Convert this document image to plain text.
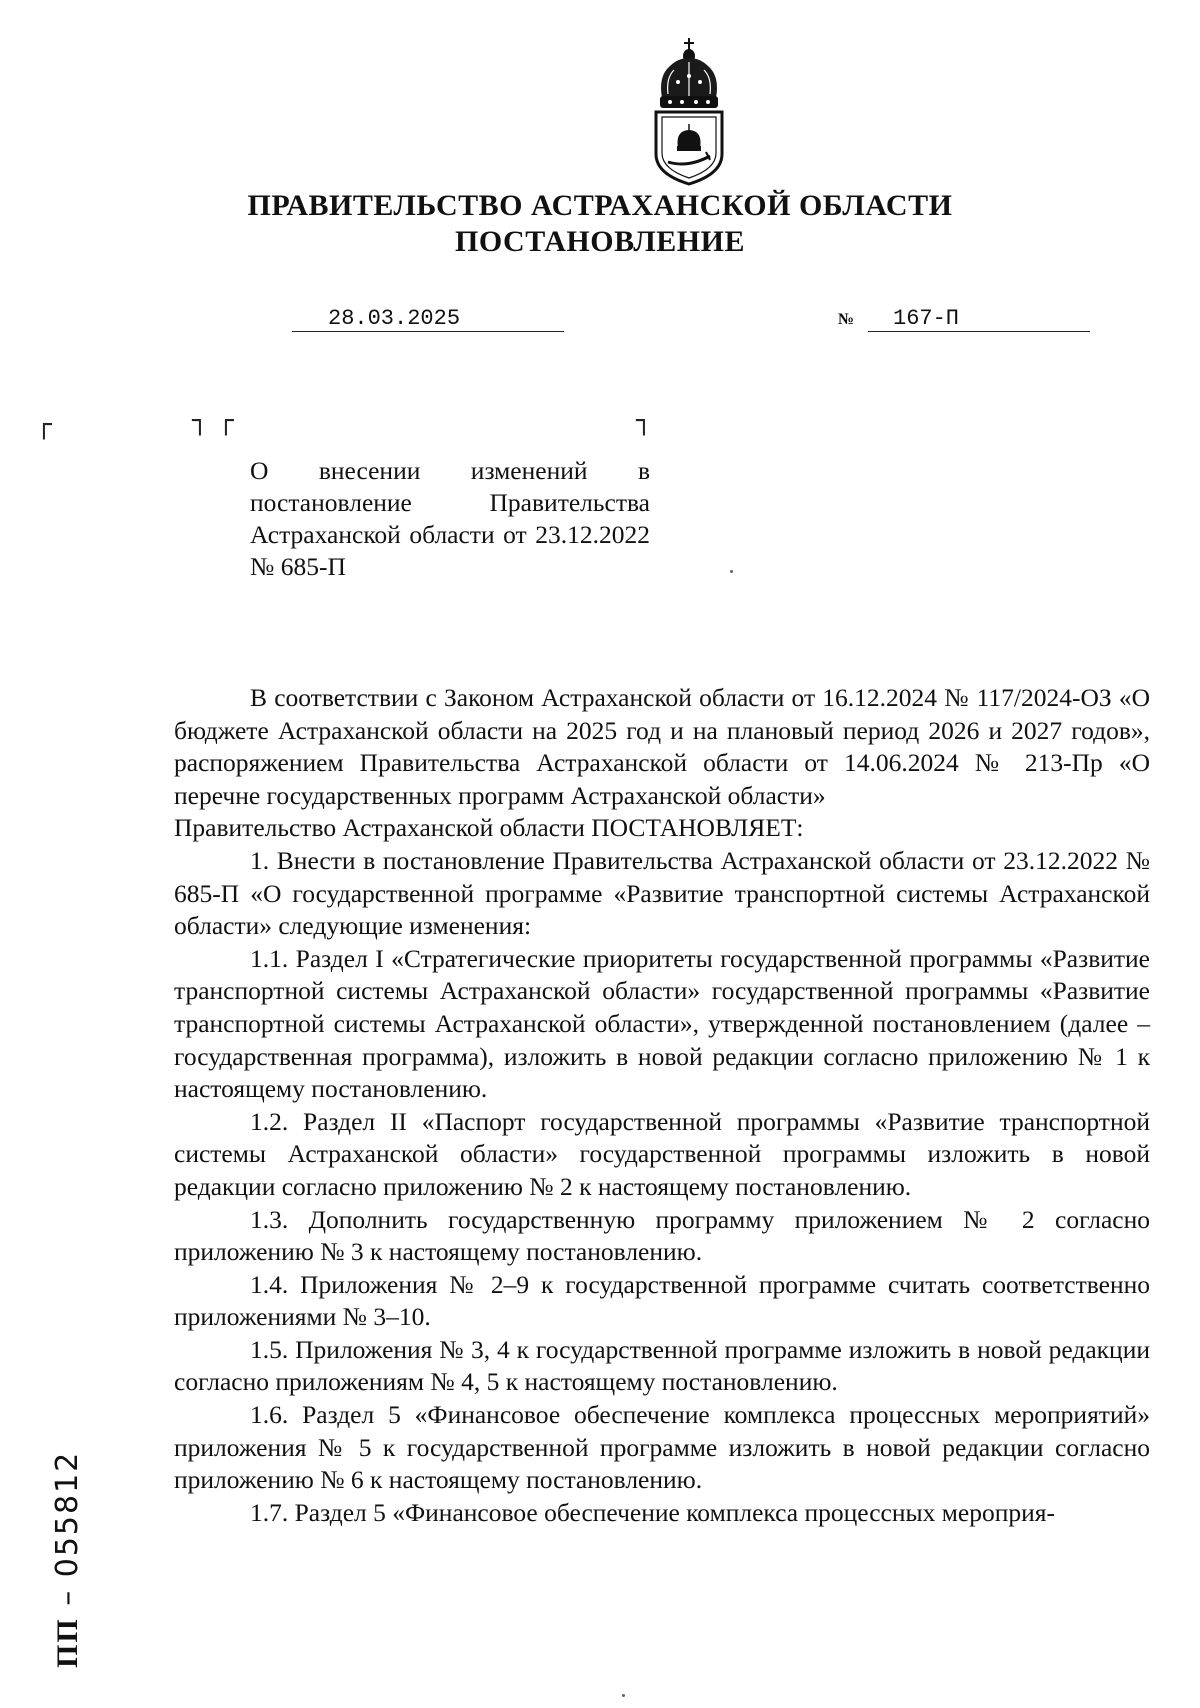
ПРАВИТЕЛЬСТВО АСТРАХАНСКОЙ ОБЛАСТИ
ПОСТАНОВЛЕНИЕ
28.03.2025	№ 167-П
┌	┐ ┌	┐
О внесении изменений в постановление Правительства Астраханской области от 23.12.2022 № 685-П

В соответствии с Законом Астраханской области от 16.12.2024 № 117/2024-ОЗ «О бюджете Астраханской области на 2025 год и на плановый период 2026 и 2027 годов», распоряжением Правительства Астраханской области от 14.06.2024 № 213-Пр «О перечне государственных программ Астраханской области»

Правительство Астраханской области ПОСТАНОВЛЯЕТ:

1. Внести в постановление Правительства Астраханской области от 23.12.2022 № 685-П «О государственной программе «Развитие транспортной системы Астраханской области» следующие изменения:

1.1. Раздел I «Стратегические приоритеты государственной программы «Развитие транспортной системы Астраханской области» государственной программы «Развитие транспортной системы Астраханской области», утвержденной постановлением (далее – государственная программа), изложить в новой редакции согласно приложению № 1 к настоящему постановлению.

1.2. Раздел II «Паспорт государственной программы «Развитие транспортной системы Астраханской области» государственной программы изложить в новой редакции согласно приложению № 2 к настоящему постановлению.

1.3. Дополнить государственную программу приложением № 2 согласно приложению № 3 к настоящему постановлению.

1.4. Приложения № 2–9 к государственной программе считать соответственно приложениями № 3–10.

1.5. Приложения № 3, 4 к государственной программе изложить в новой редакции согласно приложениям № 4, 5 к настоящему постановлению.

1.6. Раздел 5 «Финансовое обеспечение комплекса процессных мероприятий» приложения № 5 к государственной программе изложить в новой редакции согласно приложению № 6 к настоящему постановлению.

1.7. Раздел 5 «Финансовое обеспечение комплекса процессных мероприя-

ПП – 055812
